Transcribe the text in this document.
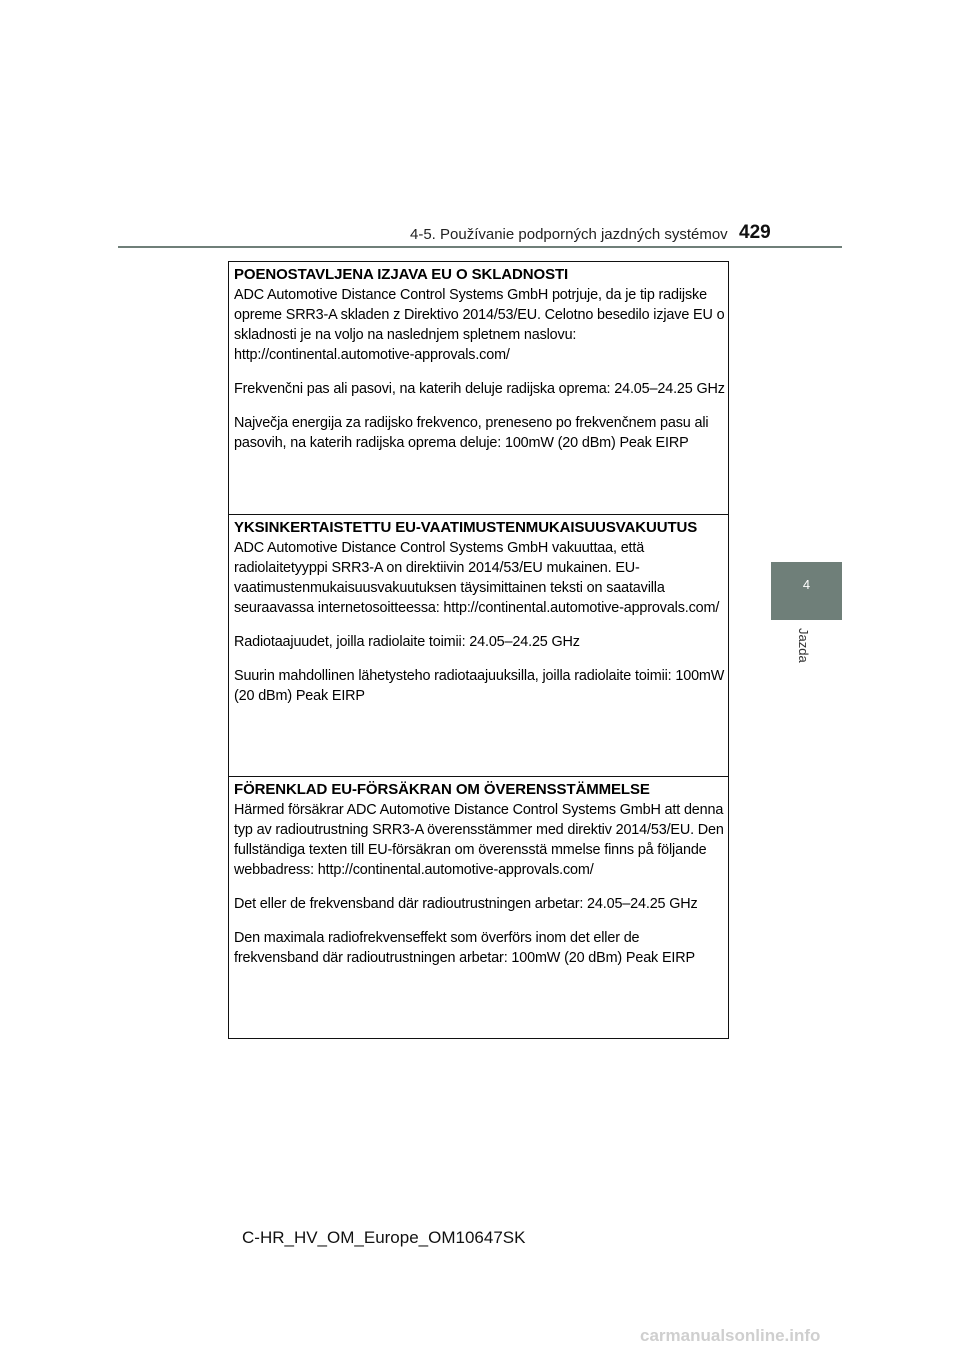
4-5. Používanie podporných jazdných systémov 429
4
Jazda
POENOSTAVLJENA IZJAVA EU O SKLADNOSTI

ADC Automotive Distance Control Systems GmbH potrjuje, da je tip radijske opreme SRR3-A skladen z Direktivo 2014/53/EU. Celotno besedilo izjave EU o skladnosti je na voljo na naslednjem spletnem naslovu: http://continental.automotive-approvals.com/

Frekvenčni pas ali pasovi, na katerih deluje radijska oprema: 24.05–24.25 GHz

Največja energija za radijsko frekvenco, preneseno po frekvenčnem pasu ali pasovih, na katerih radijska oprema deluje: 100mW (20 dBm) Peak EIRP

YKSINKERTAISTETTU EU-VAATIMUSTENMUKAISUUSVAKUUTUS

ADC Automotive Distance Control Systems GmbH vakuuttaa, että radiolaitetyyppi SRR3-A on direktiivin 2014/53/EU mukainen. EU-vaatimustenmukaisuusvakuutuksen täysimittainen teksti on saatavilla seuraavassa internetosoitteessa: http://continental.automotive-approvals.com/

Radiotaajuudet, joilla radiolaite toimii: 24.05–24.25 GHz

Suurin mahdollinen lähetysteho radiotaajuuksilla, joilla radiolaite toimii: 100mW (20 dBm) Peak EIRP

FÖRENKLAD EU-FÖRSÄKRAN OM ÖVERENSSTÄMMELSE

Härmed försäkrar ADC Automotive Distance Control Systems GmbH att denna typ av radioutrustning SRR3-A överensstämmer med direktiv 2014/53/EU. Den fullständiga texten till EU-försäkran om överensstä mmelse finns på följande webbadress: http://continental.automotive-approvals.com/

Det eller de frekvensband där radioutrustningen arbetar: 24.05–24.25 GHz

Den maximala radiofrekvenseffekt som överförs inom det eller de frekvensband där radioutrustningen arbetar: 100mW (20 dBm) Peak EIRP

C-HR_HV_OM_Europe_OM10647SK
carmanualsonline.info
